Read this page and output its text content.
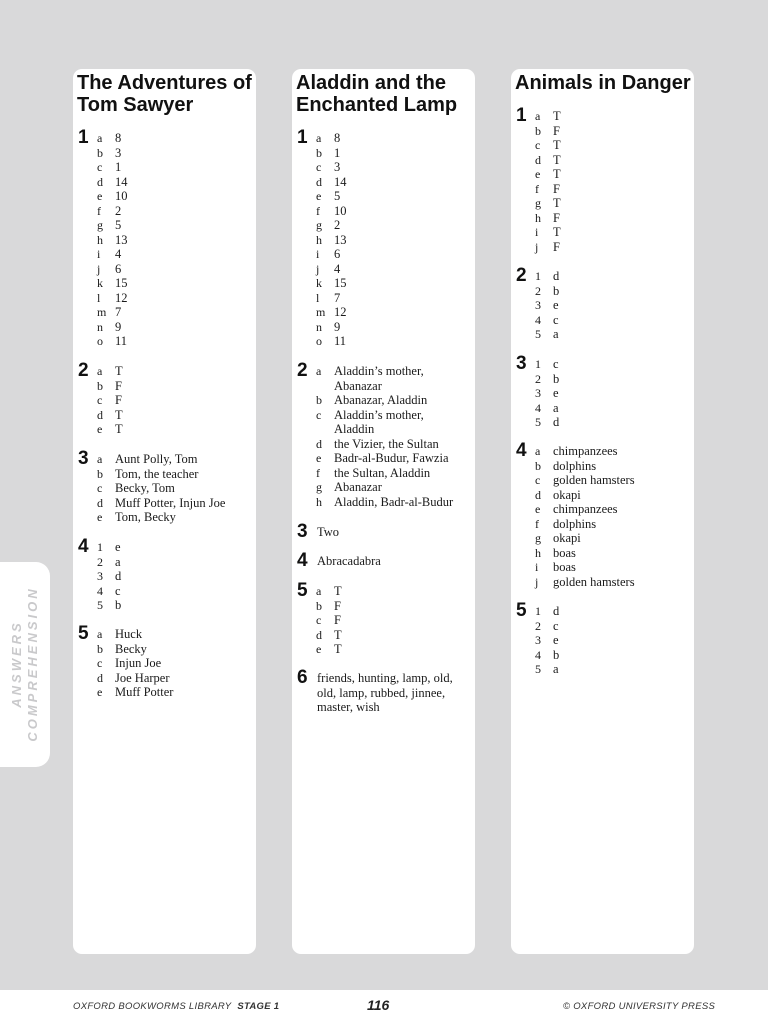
ANSWERS COMPREHENSION
The Adventures of
Tom Sawyer
1 a 8
b 3
c 1
d 14
e 10
f 2
g 5
h 13
i 4
j 6
k 15
l 12
m 7
n 9
o 11
2 a T
b F
c F
d T
e T
3 a Aunt Polly, Tom
b Tom, the teacher
c Becky, Tom
d Muff Potter, Injun Joe
e Tom, Becky
4 1 e
2 a
3 d
4 c
5 b
5 a Huck
b Becky
c Injun Joe
d Joe Harper
e Muff Potter
Aladdin and the
Enchanted Lamp
1 a 8
b 1
c 3
d 14
e 5
f 10
g 2
h 13
i 6
j 4
k 15
l 7
m 12
n 9
o 11
2 a Aladdin’s mother,
Abanazar
b Abanazar, Aladdin
c Aladdin’s mother,
Aladdin
d the Vizier, the Sultan
e Badr-al-Budur, Fawzia
f the Sultan, Aladdin
g Abanazar
h Aladdin, Badr-al-Budur
3 Two
4 Abracadabra
5 a T
b F
c F
d T
e T
6 friends, hunting, lamp, old,
old, lamp, rubbed, jinnee,
master, wish
Animals in Danger
1 a T
b F
c T
d T
e T
f F
g T
h F
i T
j F
2 1 d
2 b
3 e
4 c
5 a
3 1 c
2 b
3 e
4 a
5 d
4 a chimpanzees
b dolphins
c golden hamsters
d okapi
e chimpanzees
f dolphins
g okapi
h boas
i boas
j golden hamsters
5 1 d
2 c
3 e
4 b
5 a
OXFORD BOOKWORMS LIBRARY STAGE 1	116	© OXFORD UNIVERSITY PRESS
